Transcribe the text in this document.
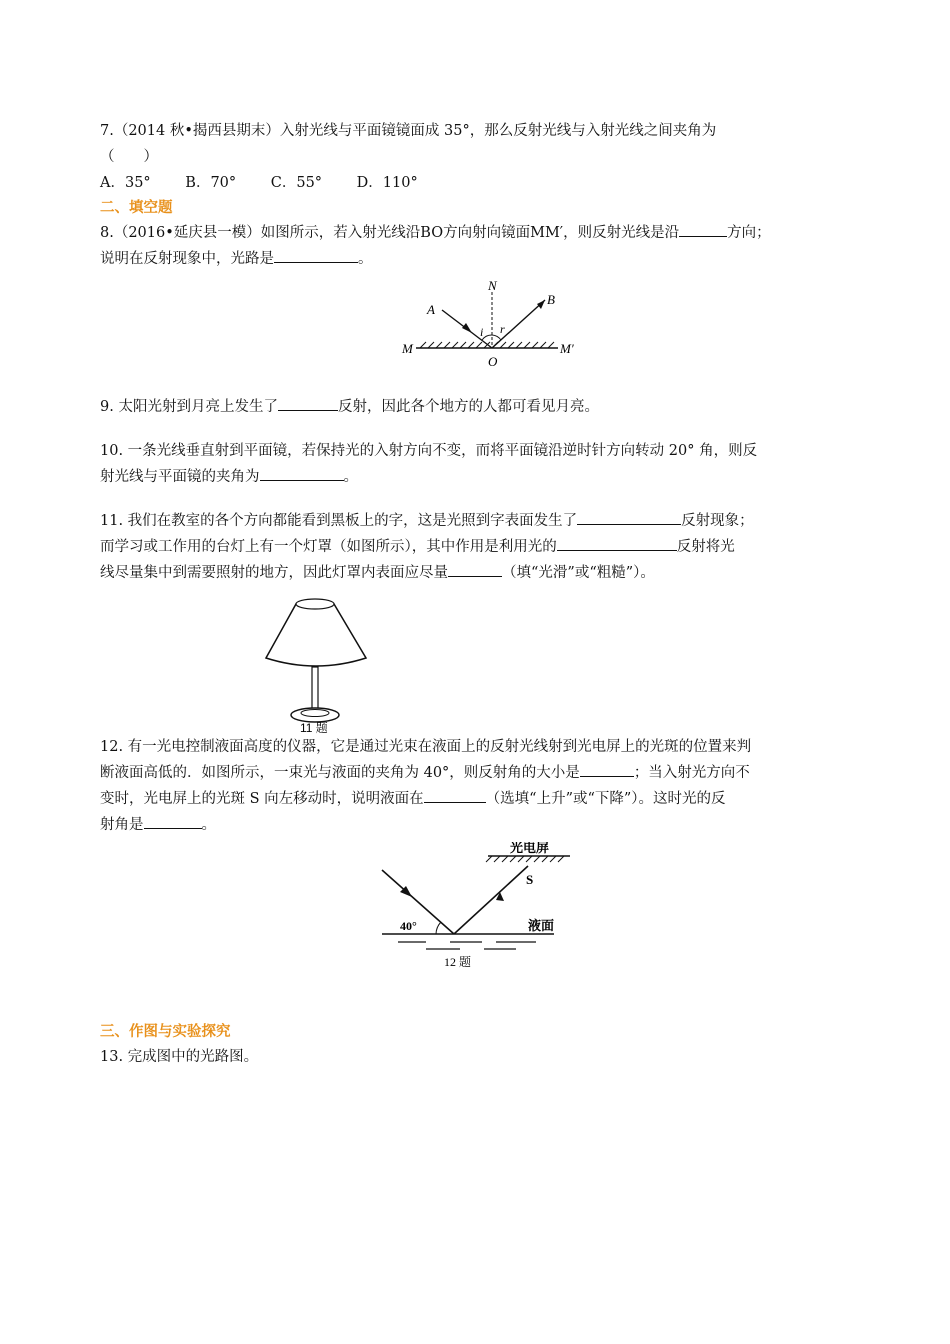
7.（2014 秋•揭西县期末）入射光线与平面镜镜面成 35°，那么反射光线与入射光线之间夹角为
（　　）
A．35° B．70° C．55° D．110°
二、填空题
8.（2016•延庆县一模）如图所示，若入射光线沿BO方向射向镜面MM′，则反射光线是沿	方向；
说明在反射现象中，光路是	。
N
A
B
i r
M	M′
O
9. 太阳光射到月亮上发生了	反射，因此各个地方的人都可看见月亮。
10. 一条光线垂直射到平面镜，若保持光的入射方向不变，而将平面镜沿逆时针方向转动 20° 角，则反
射光线与平面镜的夹角为	。
11. 我们在教室的各个方向都能看到黑板上的字，这是光照到字表面发生了	反射现象；
而学习或工作用的台灯上有一个灯罩（如图所示），其中作用是利用光的	反射将光
线尽量集中到需要照射的地方，因此灯罩内表面应尽量	（填“光滑”或“粗糙”）。
11 题
12. 有一光电控制液面高度的仪器，它是通过光束在液面上的反射光线射到光电屏上的光斑的位置来判
断液面高低的．如图所示，一束光与液面的夹角为 40°，则反射角的大小是	；当入射光方向不
变时，光电屏上的光斑 S 向左移动时，说明液面在	（选填“上升”或“下降”）。这时光的反
射角是	。
光电屏
S
40°	液面
12 题
三、作图与实验探究
13. 完成图中的光路图。
